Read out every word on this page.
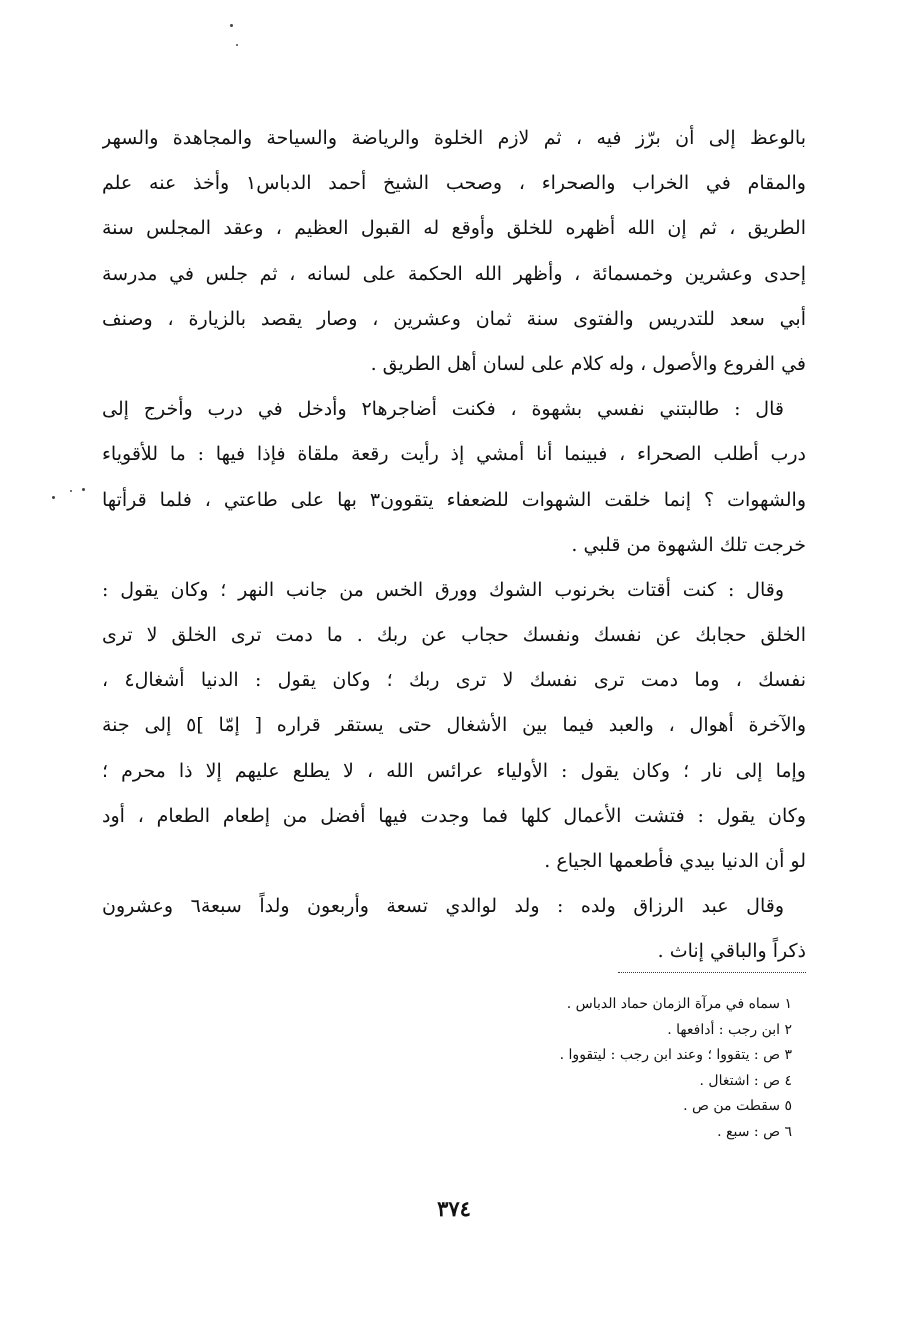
بالوعظ إلى أن برّز فيه ، ثم لازم الخلوة والرياضة والسياحة والمجاهدة والسهر
والمقام في الخراب والصحراء ، وصحب الشيخ أحمد الدباس١ وأخذ عنه علم
الطريق ، ثم إن الله أظهره للخلق وأوقع له القبول العظيم ، وعقد المجلس سنة
إحدى وعشرين وخمسمائة ، وأظهر الله الحكمة على لسانه ، ثم جلس في مدرسة
أبي سعد للتدريس والفتوى سنة ثمان وعشرين ، وصار يقصد بالزيارة ، وصنف
في الفروع والأصول ، وله كلام على لسان أهل الطريق .
قال : طالبتني نفسي بشهوة ، فكنت أضاجرها٢ وأدخل في درب وأخرج إلى
درب أطلب الصحراء ، فبينما أنا أمشي إذ رأيت رقعة ملقاة فإذا فيها : ما للأقوياء
والشهوات ؟ إنما خلقت الشهوات للضعفاء يتقوون٣ بها على طاعتي ، فلما قرأتها
خرجت تلك الشهوة من قلبي .
وقال : كنت أقتات بخرنوب الشوك وورق الخس من جانب النهر ؛ وكان يقول :
الخلق حجابك عن نفسك ونفسك حجاب عن ربك . ما دمت ترى الخلق لا ترى
نفسك ، وما دمت ترى نفسك لا ترى ربك ؛ وكان يقول : الدنيا أشغال٤ ،
والآخرة أهوال ، والعبد فيما بين الأشغال حتى يستقر قراره [ إمّا ]٥ إلى جنة
وإما إلى نار ؛ وكان يقول : الأولياء عرائس الله ، لا يطلع عليهم إلا ذا محرم ؛
وكان يقول : فتشت الأعمال كلها فما وجدت فيها أفضل من إطعام الطعام ، أود
لو أن الدنيا بيدي فأطعمها الجياع .
وقال عبد الرزاق ولده : ولد لوالدي تسعة وأربعون ولداً سبعة٦ وعشرون
ذكراً والباقي إناث .
١ سماه في مرآة الزمان حماد الدباس .
٢ ابن رجب : أدافعها .
٣ ص : يتقووا ؛ وعند ابن رجب : ليتقووا .
٤ ص : اشتغال .
٥ سقطت من ص .
٦ ص : سبع .
٣٧٤
